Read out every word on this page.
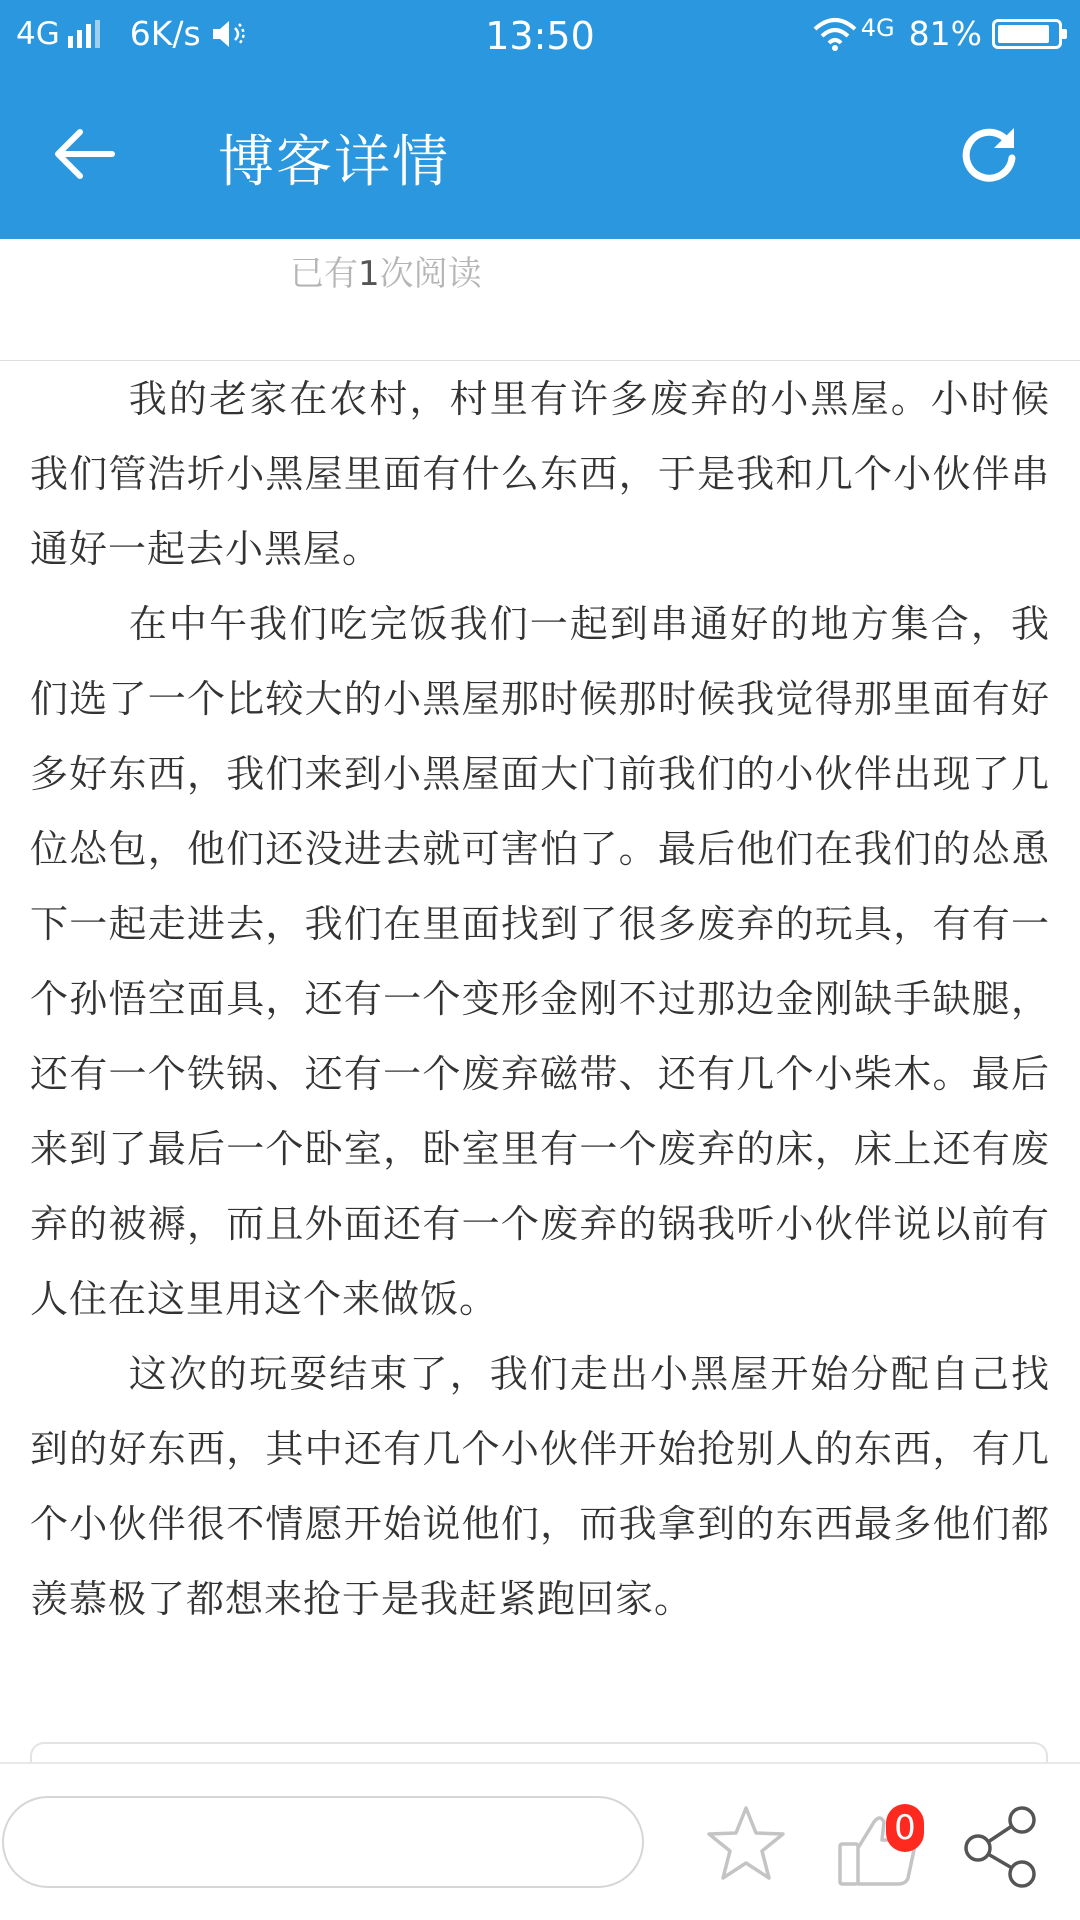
4G 6K/s	13:50	4G 81%
博客详情
已有1次阅读

我的老家在农村，村里有许多废弃的小黑屋。小时候我们管浩圻小黑屋里面有什么东西，于是我和几个小伙伴串通好一起去小黑屋。

在中午我们吃完饭我们一起到串通好的地方集合，我们选了一个比较大的小黑屋那时候那时候我觉得那里面有好多好东西，我们来到小黑屋面大门前我们的小伙伴出现了几位怂包，他们还没进去就可害怕了。最后他们在我们的怂恿下一起走进去，我们在里面找到了很多废弃的玩具，有有一个孙悟空面具，还有一个变形金刚不过那边金刚缺手缺腿，还有一个铁锅、还有一个废弃磁带、还有几个小柴木。最后来到了最后一个卧室，卧室里有一个废弃的床，床上还有废弃的被褥，而且外面还有一个废弃的锅我听小伙伴说以前有人住在这里用这个来做饭。

这次的玩耍结束了，我们走出小黑屋开始分配自己找到的好东西，其中还有几个小伙伴开始抢别人的东西，有几个小伙伴很不情愿开始说他们，而我拿到的东西最多他们都羡慕极了都想来抢于是我赶紧跑回家。

0
